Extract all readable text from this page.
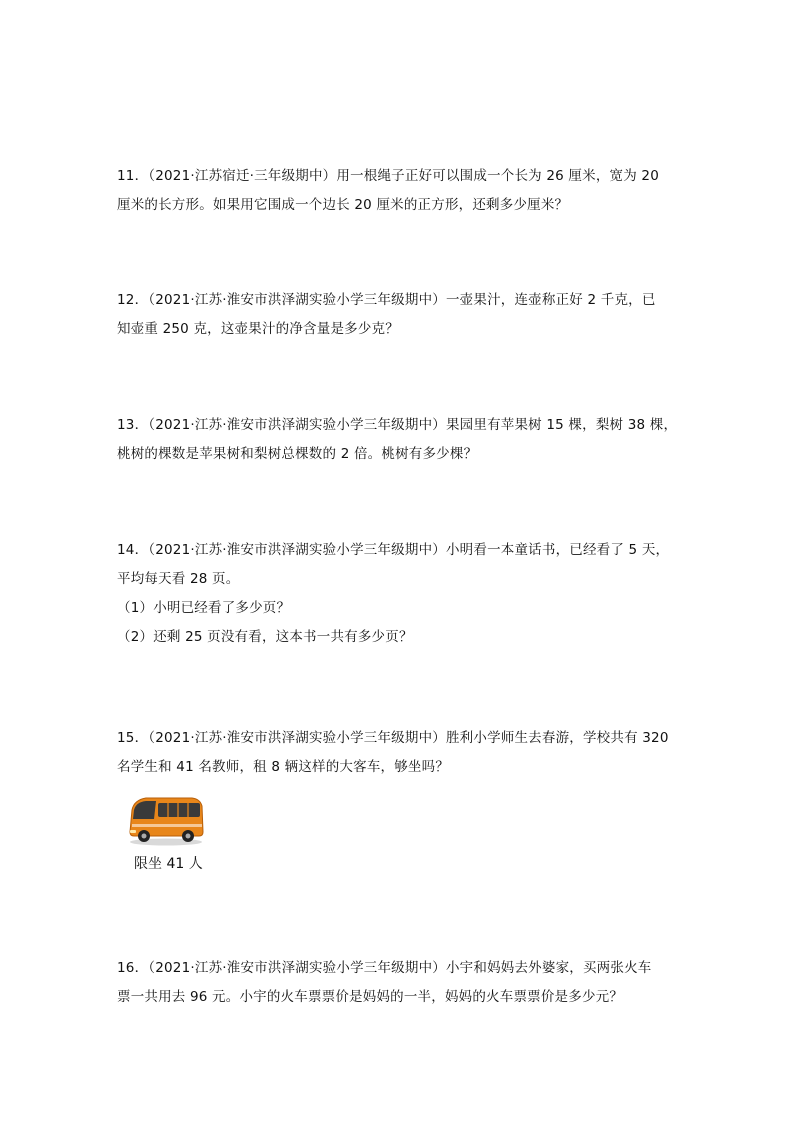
11．（2021·江苏宿迁·三年级期中）用一根绳子正好可以围成一个长为 26 厘米，宽为 20
厘米的长方形。如果用它围成一个边长 20 厘米的正方形，还剩多少厘米？
12．（2021·江苏·淮安市洪泽湖实验小学三年级期中）一壶果汁，连壶称正好 2 千克，已
知壶重 250 克，这壶果汁的净含量是多少克？
13．（2021·江苏·淮安市洪泽湖实验小学三年级期中）果园里有苹果树 15 棵，梨树 38 棵，
桃树的棵数是苹果树和梨树总棵数的 2 倍。桃树有多少棵？
14．（2021·江苏·淮安市洪泽湖实验小学三年级期中）小明看一本童话书，已经看了 5 天，
平均每天看 28 页。
（1）小明已经看了多少页？
（2）还剩 25 页没有看，这本书一共有多少页？
15．（2021·江苏·淮安市洪泽湖实验小学三年级期中）胜利小学师生去春游，学校共有 320
名学生和 41 名教师，租 8 辆这样的大客车，够坐吗？
限坐 41 人
16．（2021·江苏·淮安市洪泽湖实验小学三年级期中）小宇和妈妈去外婆家，买两张火车
票一共用去 96 元。小宇的火车票票价是妈妈的一半，妈妈的火车票票价是多少元？
